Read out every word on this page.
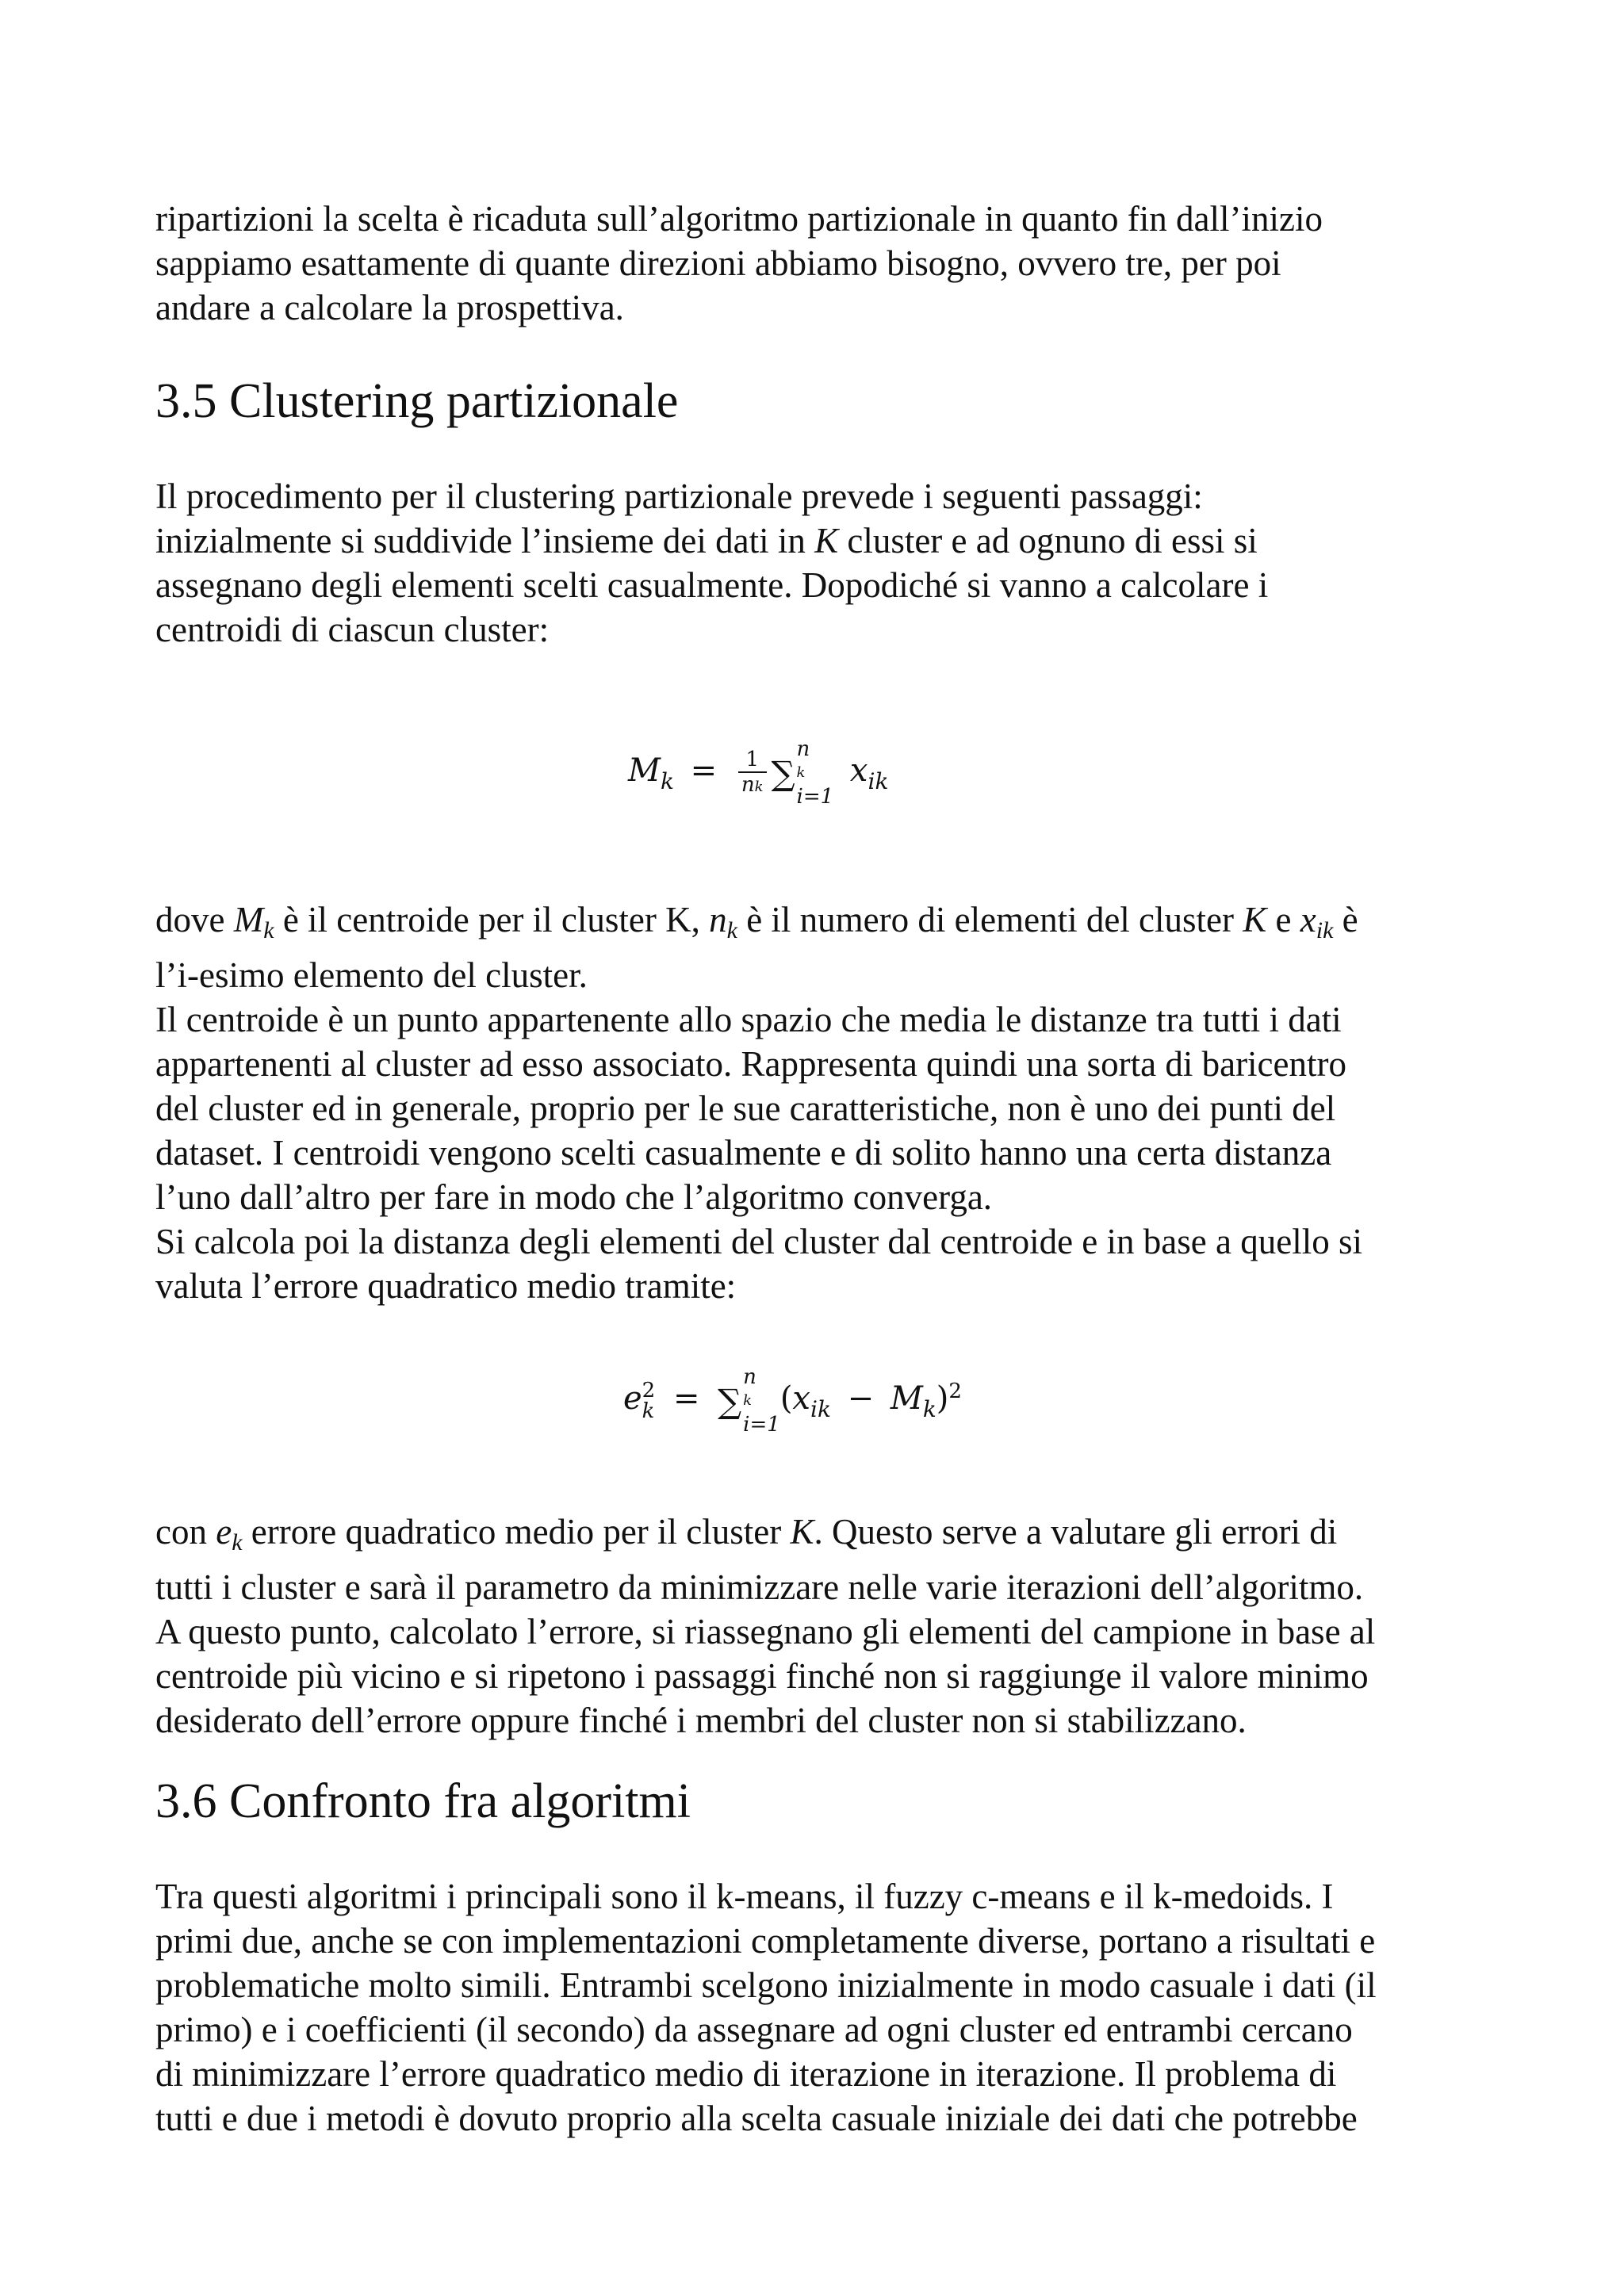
ripartizioni la scelta è ricaduta sull’algoritmo partizionale in quanto fin dall’inizio
sappiamo esattamente di quante direzioni abbiamo bisogno, ovvero tre, per poi
andare a calcolare la prospettiva.

3.5 Clustering partizionale

Il procedimento per il clustering partizionale prevede i seguenti passaggi:
inizialmente si suddivide l’insieme dei dati in K cluster e ad ognuno di essi si
assegnano degli elementi scelti casualmente. Dopodiché si vanno a calcolare i
centroidi di ciascun cluster:

$M_k = \frac{1}{nk}$ ∑
n
k
i=1
$x_{ik}$

dove Mk è il centroide per il cluster K, nk è il numero di elementi del cluster K e xik è
l’i-esimo elemento del cluster.
Il centroide è un punto appartenente allo spazio che media le distanze tra tutti i dati
appartenenti al cluster ad esso associato. Rappresenta quindi una sorta di baricentro
del cluster ed in generale, proprio per le sue caratteristiche, non è uno dei punti del
dataset. I centroidi vengono scelti casualmente e di solito hanno una certa distanza
l’uno dall’altro per fare in modo che l’algoritmo converga.
Si calcola poi la distanza degli elementi del cluster dal centroide e in base a quello si
valuta l’errore quadratico medio tramite:

e 2
k = ∑
n
k
i=1
$(x_{ik} - M_k)^2$

con ek errore quadratico medio per il cluster K. Questo serve a valutare gli errori di
tutti i cluster e sarà il parametro da minimizzare nelle varie iterazioni dell’algoritmo.
A questo punto, calcolato l’errore, si riassegnano gli elementi del campione in base al
centroide più vicino e si ripetono i passaggi finché non si raggiunge il valore minimo
desiderato dell’errore oppure finché i membri del cluster non si stabilizzano.

3.6 Confronto fra algoritmi

Tra questi algoritmi i principali sono il k-means, il fuzzy c-means e il k-medoids. I
primi due, anche se con implementazioni completamente diverse, portano a risultati e
problematiche molto simili. Entrambi scelgono inizialmente in modo casuale i dati (il
primo) e i coefficienti (il secondo) da assegnare ad ogni cluster ed entrambi cercano
di minimizzare l’errore quadratico medio di iterazione in iterazione. Il problema di
tutti e due i metodi è dovuto proprio alla scelta casuale iniziale dei dati che potrebbe
